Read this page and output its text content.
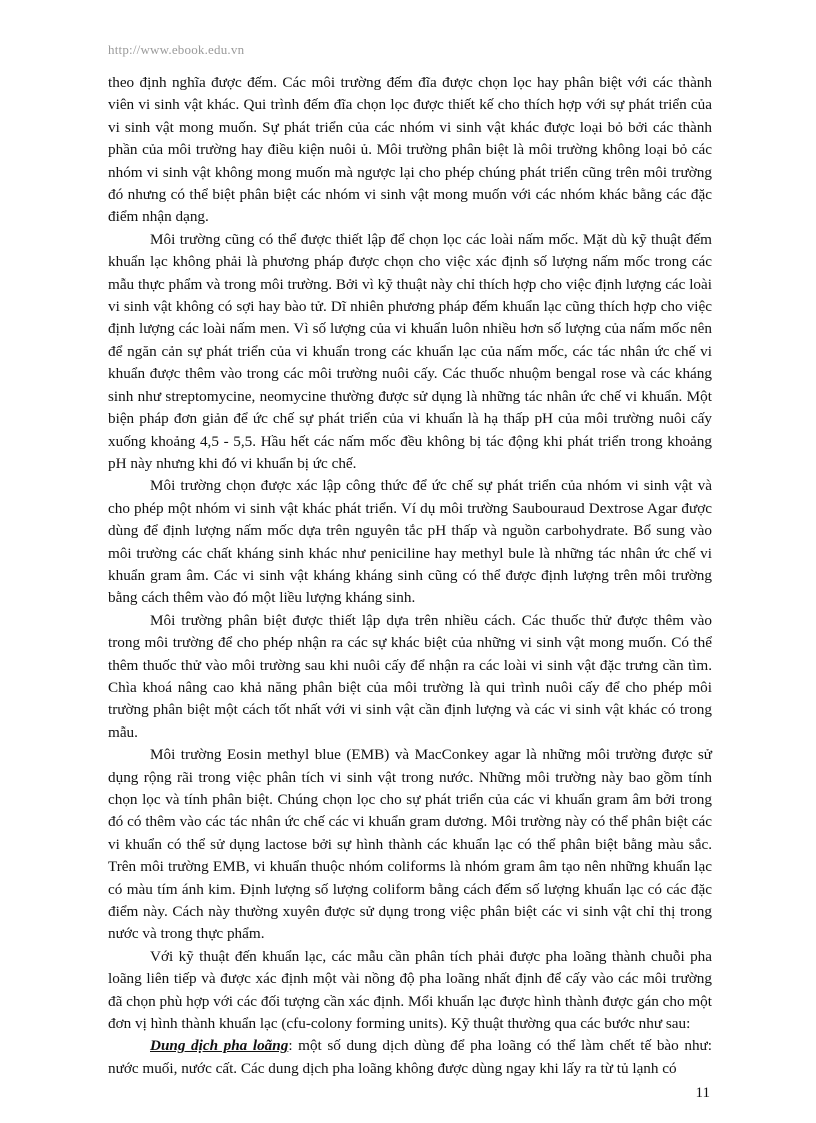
http://www.ebook.edu.vn

theo định nghĩa được đếm. Các môi trường đếm đĩa được chọn lọc hay phân biệt với các thành viên vi sinh vật khác. Qui trình đếm đĩa chọn lọc được thiết kế cho thích hợp với sự phát triển của vi sinh vật mong muốn. Sự phát triển của các nhóm vi sinh vật khác được loại bỏ bởi các thành phần của môi trường hay điều kiện nuôi ủ. Môi trường phân biệt là môi trường không loại bỏ các nhóm vi sinh vật không mong muốn mà ngược lại cho phép chúng phát triển cũng trên môi trường đó nhưng có thể biệt phân biệt các nhóm vi sinh vật mong muốn với các nhóm khác bằng các đặc điểm nhận dạng.

Môi trường cũng có thể được thiết lập để chọn lọc các loài nấm mốc. Mặt dù kỹ thuật đếm khuẩn lạc không phải là phương pháp được chọn cho việc xác định số lượng nấm mốc trong các mẫu thực phẩm và trong môi trường. Bởi vì kỹ thuật này chỉ thích hợp cho việc định lượng các loài vi sinh vật không có sợi hay bào tử. Dĩ nhiên phương pháp đếm khuẩn lạc cũng thích hợp cho việc định lượng các loài nấm men. Vì số lượng của vi khuẩn luôn nhiều hơn số lượng của nấm mốc nên để ngăn cản sự phát triển của vi khuẩn trong các khuẩn lạc của nấm mốc, các tác nhân ức chế vi khuẩn được thêm vào trong các môi trường nuôi cấy. Các thuốc nhuộm bengal rose và các kháng sinh như streptomycine, neomycine thường được sử dụng là những tác nhân ức chế vi khuẩn. Một biện pháp đơn giản để ức chế sự phát triển của vi khuẩn là hạ thấp pH của môi trường nuôi cấy xuống khoảng 4,5 - 5,5. Hầu hết các nấm mốc đều không bị tác động khi phát triển trong khoảng pH này nhưng khi đó vi khuẩn bị ức chế.

Môi trường chọn được xác lập công thức để ức chế sự phát triển của nhóm vi sinh vật và cho phép một nhóm vi sinh vật khác phát triển. Ví dụ môi trường Saubouraud Dextrose Agar được dùng để định lượng nấm mốc dựa trên nguyên tắc pH thấp và nguồn carbohydrate. Bổ sung vào môi trường các chất kháng sinh khác như peniciline hay methyl bule là những tác nhân ức chế vi khuẩn gram âm. Các vi sinh vật kháng kháng sinh cũng có thể được định lượng trên môi trường bằng cách thêm vào đó một liều lượng kháng sinh.

Môi trường phân biệt được thiết lập dựa trên nhiều cách. Các thuốc thử được thêm vào trong môi trường để cho phép nhận ra các sự khác biệt của những vi sinh vật mong muốn. Có thể thêm thuốc thử vào môi trường sau khi nuôi cấy để nhận ra các loài vi sinh vật đặc trưng cần tìm. Chìa khoá nâng cao khả năng phân biệt của môi trường là qui trình nuôi cấy để cho phép môi trường phân biệt một cách tốt nhất với vi sinh vật cần định lượng và các vi sinh vật khác có trong mẫu.

Môi trường Eosin methyl blue (EMB) và MacConkey agar là những môi trường được sử dụng rộng rãi trong việc phân tích vi sinh vật trong nước. Những môi trường này bao gồm tính chọn lọc và tính phân biệt. Chúng chọn lọc cho sự phát triển của các vi khuẩn gram âm bởi trong đó có thêm vào các tác nhân ức chế các vi khuẩn gram dương. Môi trường này có thể phân biệt các vi khuẩn có thể sử dụng lactose bởi sự hình thành các khuẩn lạc có thể phân biệt bằng màu sắc. Trên môi trường EMB, vi khuẩn thuộc nhóm coliforms là nhóm gram âm tạo nên những khuẩn lạc có màu tím ánh kim. Định lượng số lượng coliform bằng cách đếm số lượng khuẩn lạc có các đặc điểm này. Cách này thường xuyên được sử dụng trong việc phân biệt các vi sinh vật chỉ thị trong nước và trong thực phẩm.

Với kỹ thuật đến khuẩn lạc, các mẫu cần phân tích phải được pha loãng thành chuỗi pha loãng liên tiếp và được xác định một vài nồng độ pha loãng nhất định để cấy vào các môi trường đã chọn phù hợp với các đối tượng cần xác định. Mổi khuẩn lạc được hình thành được gán cho một đơn vị hình thành khuẩn lạc (cfu-colony forming units). Kỹ thuật thường qua các bước như sau:

Dung dịch pha loãng: một số dung dịch dùng để pha loãng có thể làm chết tế bào như: nước muối, nước cất. Các dung dịch pha loãng không được dùng ngay khi lấy ra từ tủ lạnh có

11
